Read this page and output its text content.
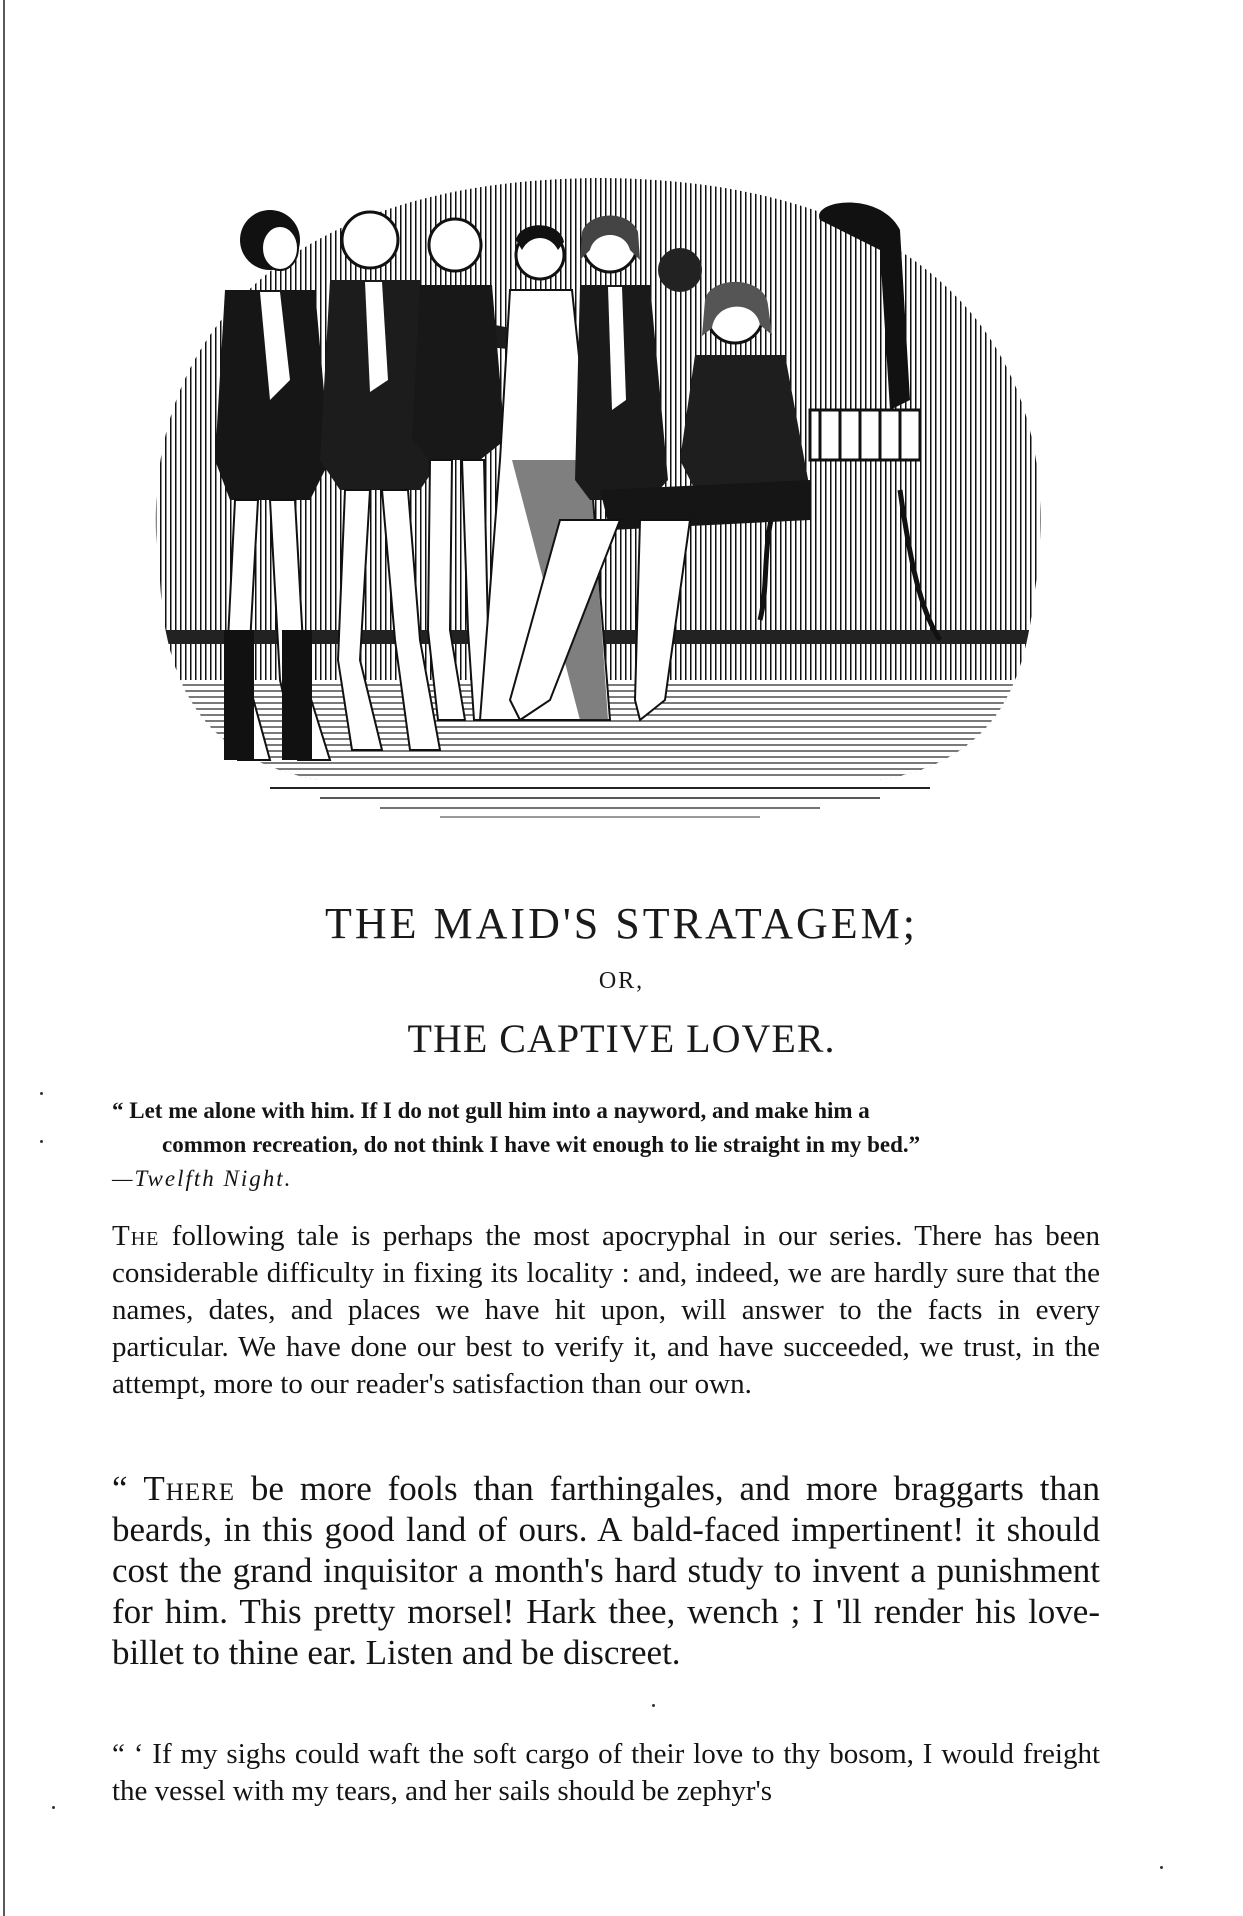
THE MAID'S STRATAGEM;
OR,
THE CAPTIVE LOVER.

“ Let me alone with him. If I do not gull him into a nayword, and make him a

common recreation, do not think I have wit enough to lie straight in my bed.”

—Twelfth Night.

The following tale is perhaps the most apocryphal in our series. There has been considerable difficulty in fixing its locality : and, indeed, we are hardly sure that the names, dates, and places we have hit upon, will answer to the facts in every particular. We have done our best to verify it, and have succeeded, we trust, in the attempt, more to our reader's satisfaction than our own.

“ There be more fools than farthingales, and more braggarts than beards, in this good land of ours. A bald-faced impertinent! it should cost the grand inquisitor a month's hard study to invent a punishment for him. This pretty morsel! Hark thee, wench ; I 'll render his love-billet to thine ear. Listen and be discreet.

“ ‘ If my sighs could waft the soft cargo of their love to thy bosom, I would freight the vessel with my tears, and her sails should be zephyr's
